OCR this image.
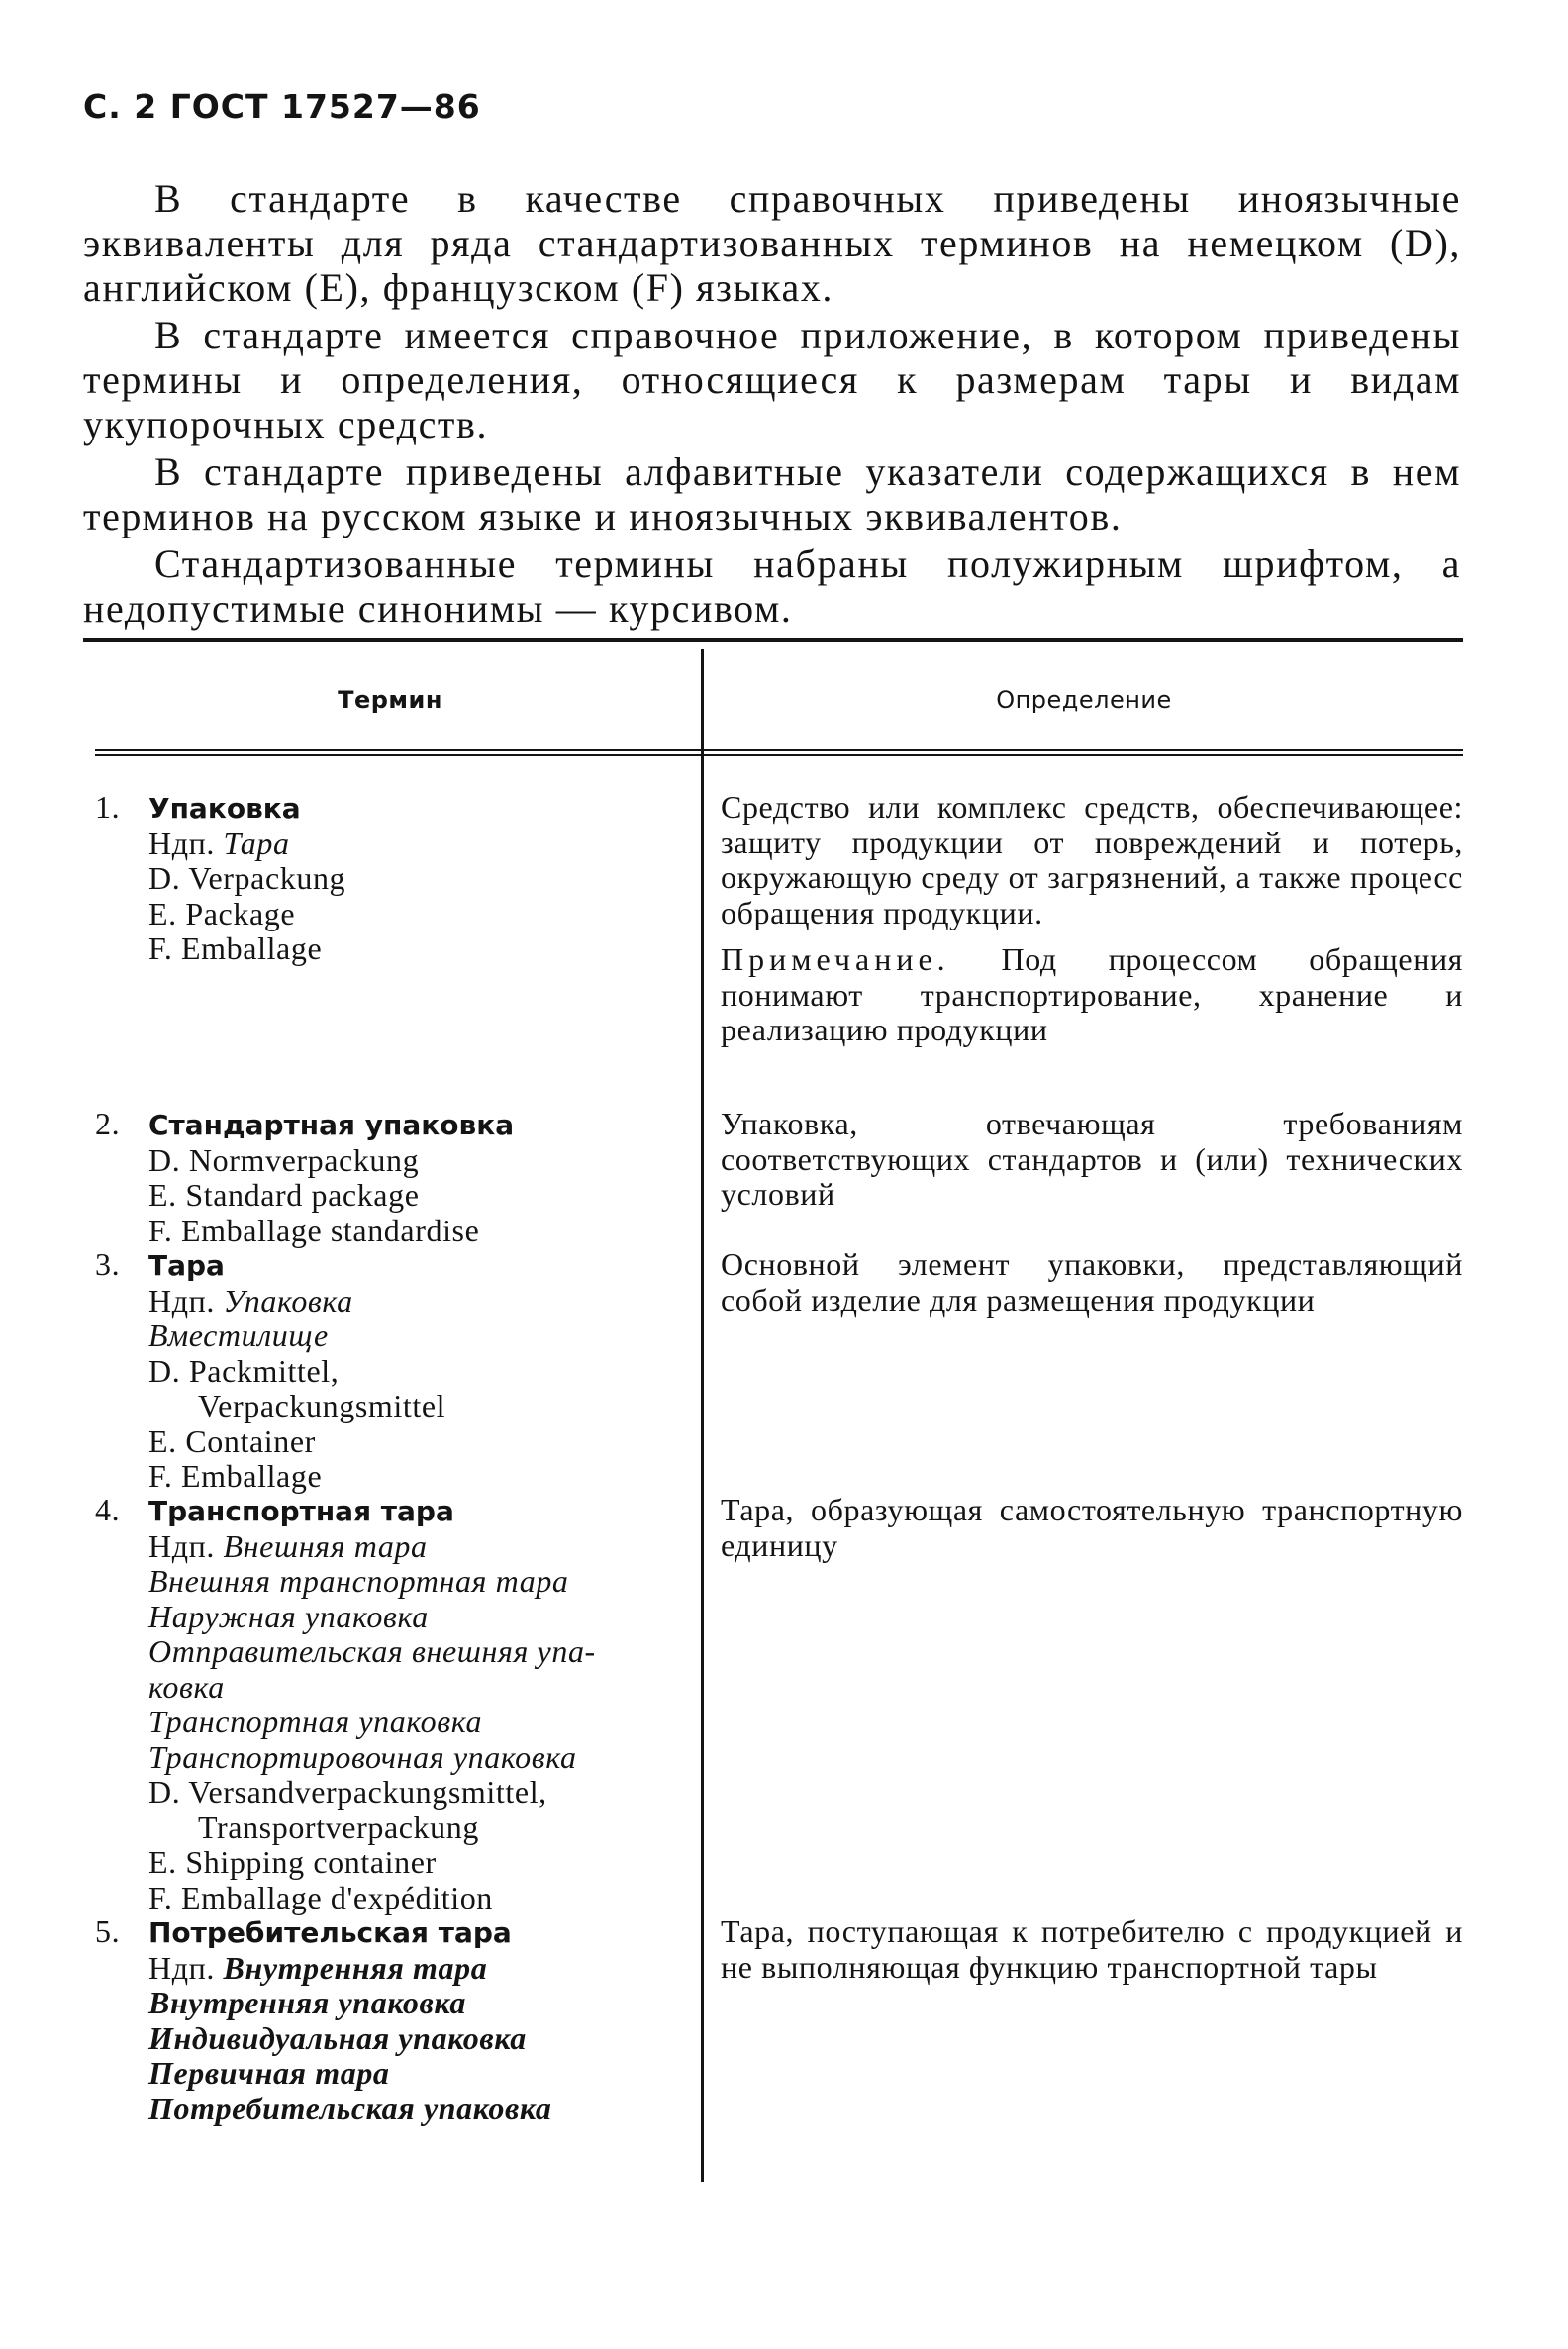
С. 2 ГОСТ 17527—86

В стандарте в качестве справочных приведены иноязычные эквиваленты для ряда стандартизованных терминов на немецком (D), английском (E), французском (F) языках.

В стандарте имеется справочное приложение, в котором приведены термины и определения, относящиеся к размерам тары и видам укупорочных средств.

В стандарте приведены алфавитные указатели содержащихся в нем терминов на русском языке и иноязычных эквивалентов.

Стандартизованные термины набраны полужирным шрифтом, а недопустимые синонимы — курсивом.

Термин	Определение
1. Упаковка
Ндп. Тара
D. Verpackung
E. Package
F. Emballage

Средство или комплекс средств, обеспечивающее: защиту продукции от повреждений и потерь, окружающую среду от загрязнений, а также процесс обращения продукции.

Примечание. Под процессом обращения понимают транспортирование, хранение и реализацию продукции

2. Стандартная упаковка
D. Normverpackung
E. Standard package
F. Emballage standardise

Упаковка, отвечающая требованиям соответствующих стандартов и (или) технических условий

3. Тара
Ндп. Упаковка
Вместилище
D. Packmittel,
Verpackungsmittel
E. Container
F. Emballage

Основной элемент упаковки, представляющий собой изделие для размещения продукции

4. Транспортная тара
Ндп. Внешняя тара
Внешняя транспортная тара
Наружная упаковка
Отправительская внешняя упа-
ковка
Транспортная упаковка
Транспортировочная упаковка
D. Versandverpackungsmittel,
Transportverpackung
E. Shipping container
F. Emballage d'expédition

Тара, образующая самостоятельную транспортную единицу

5. Потребительская тара
Ндп. Внутренняя тара
Внутренняя упаковка
Индивидуальная упаковка
Первичная тара
Потребительская упаковка

Тара, поступающая к потребителю с продукцией и не выполняющая функцию транспортной тары
